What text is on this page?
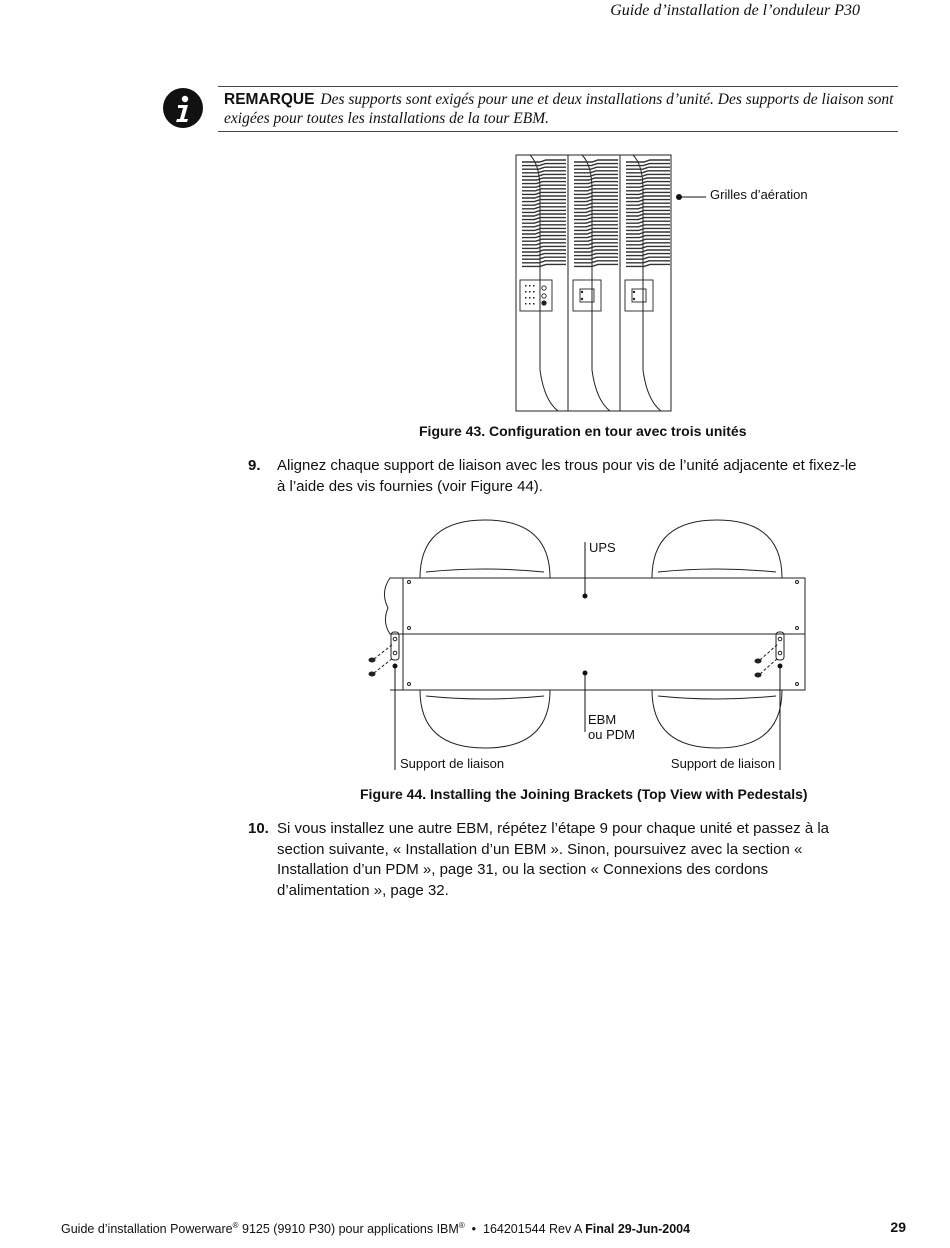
Guide d’installation de l’onduleur P30
REMARQUE Des supports sont exigés pour une et deux installations d’unité. Des supports de liaison sont exigées pour toutes les installations de la tour EBM.
Grilles d’aération
Figure 43. Configuration en tour avec trois unités
9. Alignez chaque support de liaison avec les trous pour vis de l’unité adjacente et fixez-le à l’aide des vis fournies (voir Figure 44).
UPS
EBM
ou PDM
Support de liaison	Support de liaison
Figure 44. Installing the Joining Brackets (Top View with Pedestals)
10. Si vous installez une autre EBM, répétez l’étape 9 pour chaque unité et passez à la section suivante, « Installation d’un EBM ». Sinon, poursuivez avec la section « Installation d’un PDM », page 31, ou la section « Connexions des cordons d’alimentation », page 32.
Guide d’installation Powerware® 9125 (9910 P30) pour applications IBM®  •  164201544 Rev A Final 29-Jun-2004	29
